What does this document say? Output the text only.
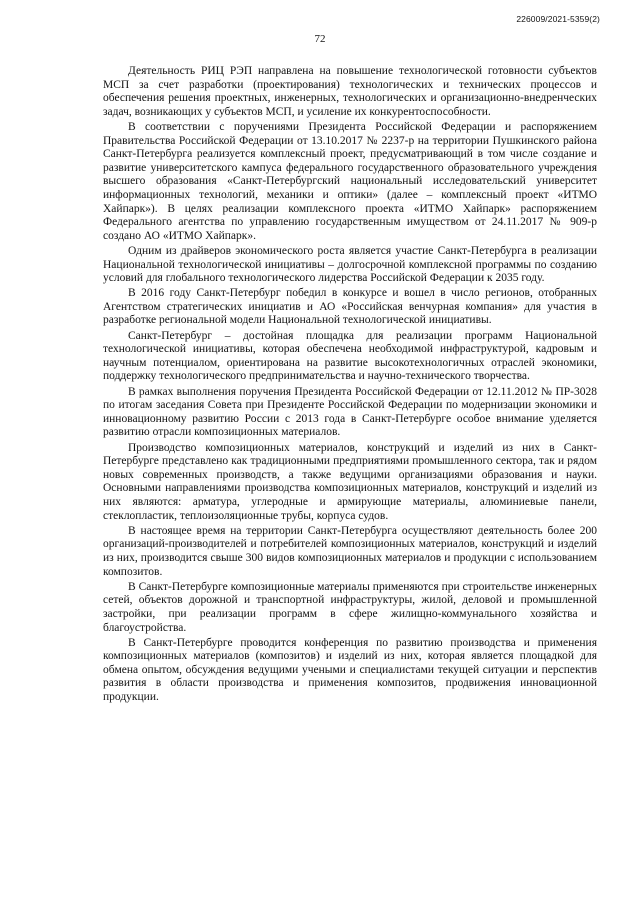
226009/2021-5359(2)
72

Деятельность РИЦ РЭП направлена на повышение технологической готовности субъектов МСП за счет разработки (проектирования) технологических и технических процессов и обеспечения решения проектных, инженерных, технологических и организационно-внедренческих задач, возникающих у субъектов МСП, и усиление их конкурентоспособности.

В соответствии с поручениями Президента Российской Федерации и распоряжением Правительства Российской Федерации от 13.10.2017 № 2237-р на территории Пушкинского района Санкт-Петербурга реализуется комплексный проект, предусматривающий в том числе создание и развитие университетского кампуса федерального государственного образовательного учреждения высшего образования «Санкт-Петербургский национальный исследовательский университет информационных технологий, механики и оптики» (далее – комплексный проект «ИТМО Хайпарк»). В целях реализации комплексного проекта «ИТМО Хайпарк» распоряжением Федерального агентства по управлению государственным имуществом от 24.11.2017 № 909-р создано АО «ИТМО Хайпарк».

Одним из драйверов экономического роста является участие Санкт-Петербурга в реализации Национальной технологической инициативы – долгосрочной комплексной программы по созданию условий для глобального технологического лидерства Российской Федерации к 2035 году.

В 2016 году Санкт-Петербург победил в конкурсе и вошел в число регионов, отобранных Агентством стратегических инициатив и АО «Российская венчурная компания» для участия в разработке региональной модели Национальной технологической инициативы.

Санкт-Петербург – достойная площадка для реализации программ Национальной технологической инициативы, которая обеспечена необходимой инфраструктурой, кадровым и научным потенциалом, ориентирована на развитие высокотехнологичных отраслей экономики, поддержку технологического предпринимательства и научно-технического творчества.

В рамках выполнения поручения Президента Российской Федерации от 12.11.2012 № ПР-3028 по итогам заседания Совета при Президенте Российской Федерации по модернизации экономики и инновационному развитию России с 2013 года в Санкт-Петербурге особое внимание уделяется развитию отрасли композиционных материалов.

Производство композиционных материалов, конструкций и изделий из них в Санкт-Петербурге представлено как традиционными предприятиями промышленного сектора, так и рядом новых современных производств, а также ведущими организациями образования и науки. Основными направлениями производства композиционных материалов, конструкций и изделий из них являются: арматура, углеродные и армирующие материалы, алюминиевые панели, стеклопластик, теплоизоляционные трубы, корпуса судов.

В настоящее время на территории Санкт-Петербурга осуществляют деятельность более 200 организаций-производителей и потребителей композиционных материалов, конструкций и изделий из них, производится свыше 300 видов композиционных материалов и продукции с использованием композитов.

В Санкт-Петербурге композиционные материалы применяются при строительстве инженерных сетей, объектов дорожной и транспортной инфраструктуры, жилой, деловой и промышленной застройки, при реализации программ в сфере жилищно-коммунального хозяйства и благоустройства.

В Санкт-Петербурге проводится конференция по развитию производства и применения композиционных материалов (композитов) и изделий из них, которая является площадкой для обмена опытом, обсуждения ведущими учеными и специалистами текущей ситуации и перспектив развития в области производства и применения композитов, продвижения инновационной продукции.
